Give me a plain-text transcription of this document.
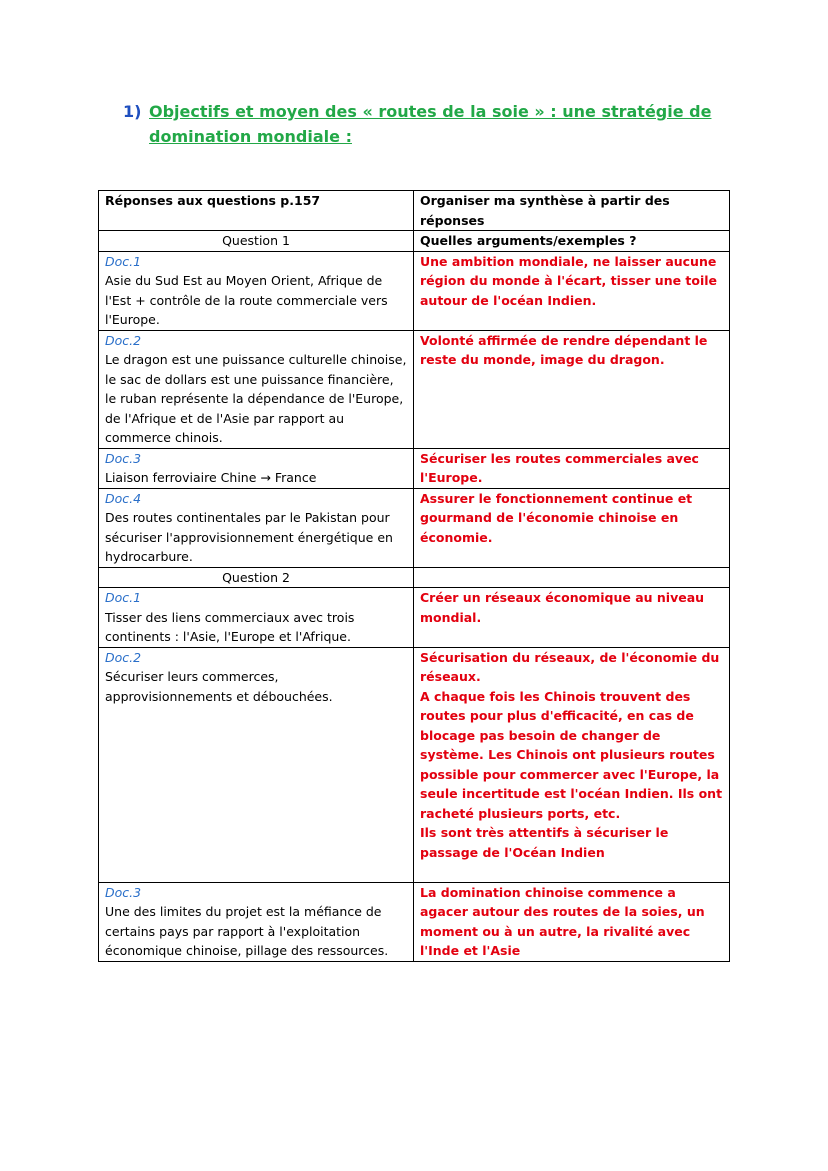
1) Objectifs et moyen des « routes de la soie » : une stratégie de domination mondiale :
Réponses aux questions p.157	Organiser ma synthèse à partir des réponses
Question 1	Quelles arguments/exemples ?

Doc.1
Asie du Sud Est au Moyen Orient, Afrique de l'Est + contrôle de la route commerciale vers l'Europe.	Une ambition mondiale, ne laisser aucune région du monde à l'écart, tisser une toile autour de l'océan Indien.

Doc.2
Le dragon est une puissance culturelle chinoise, le sac de dollars est une puissance financière, le ruban représente la dépendance de l'Europe, de l'Afrique et de l'Asie par rapport au commerce chinois.	Volonté affirmée de rendre dépendant le reste du monde, image du dragon.

Doc.3
Liaison ferroviaire Chine → France	Sécuriser les routes commerciales avec l'Europe.

Doc.4
Des routes continentales par le Pakistan pour sécuriser l'approvisionnement énergétique en hydrocarbure.	Assurer le fonctionnement continue et gourmand de l'économie chinoise en économie.

Question 2	

Doc.1
Tisser des liens commerciaux avec trois continents : l'Asie, l'Europe et l'Afrique.	Créer un réseaux économique au niveau mondial.

Doc.2
Sécuriser leurs commerces, approvisionnements et débouchées.	Sécurisation du réseaux, de l'économie du réseaux.
A chaque fois les Chinois trouvent des routes pour plus d'efficacité, en cas de blocage pas besoin de changer de système. Les Chinois ont plusieurs routes possible pour commercer avec l'Europe, la seule incertitude est l'océan Indien. Ils ont racheté plusieurs ports, etc.
Ils sont très attentifs à sécuriser le passage de l'Océan Indien

Doc.3
Une des limites du projet est la méfiance de certains pays par rapport à l'exploitation économique chinoise, pillage des ressources.	La domination chinoise commence a agacer autour des routes de la soies, un moment ou à un autre, la rivalité avec l'Inde et l'Asie
